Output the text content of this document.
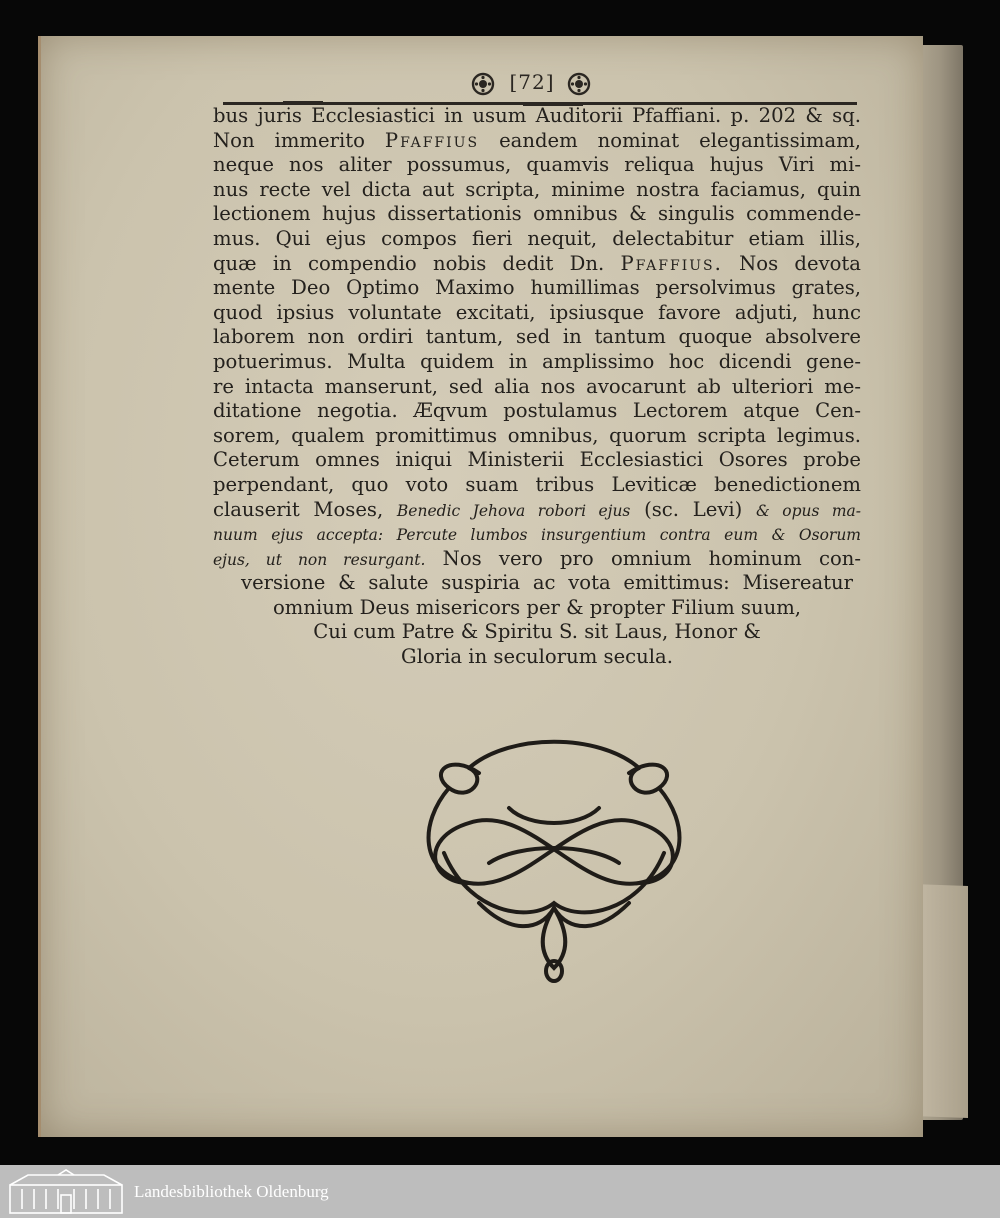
[72]
bus juris Ecclesiastici in usum Auditorii Pfaffiani. p. 202 & sq.
Non immerito Pfaffius eandem nominat elegantissimam,
neque nos aliter possumus, quamvis reliqua hujus Viri mi-
nus recte vel dicta aut scripta, minime nostra faciamus, quin
lectionem hujus dissertationis omnibus & singulis commende-
mus. Qui ejus compos fieri nequit, delectabitur etiam illis,
quæ in compendio nobis dedit Dn. Pfaffius. Nos devota
mente Deo Optimo Maximo humillimas persolvimus grates,
quod ipsius voluntate excitati, ipsiusque favore adjuti, hunc
laborem non ordiri tantum, sed in tantum quoque absolvere
potuerimus. Multa quidem in amplissimo hoc dicendi gene-
re intacta manserunt, sed alia nos avocarunt ab ulteriori me-
ditatione negotia. Æqvum postulamus Lectorem atque Cen-
sorem, qualem promittimus omnibus, quorum scripta legimus.
Ceterum omnes iniqui Ministerii Ecclesiastici Osores probe
perpendant, quo voto suam tribus Leviticæ benedictionem
clauserit Moses, Benedic Jehova robori ejus (sc. Levi) & opus ma-
nuum ejus accepta: Percute lumbos insurgentium contra eum & Osorum
ejus, ut non resurgant. Nos vero pro omnium hominum con-
versione & salute suspiria ac vota emittimus: Misereatur
omnium Deus misericors per & propter Filium suum,
Cui cum Patre & Spiritu S. sit Laus, Honor &
Gloria in seculorum secula.
Landesbibliothek Oldenburg
